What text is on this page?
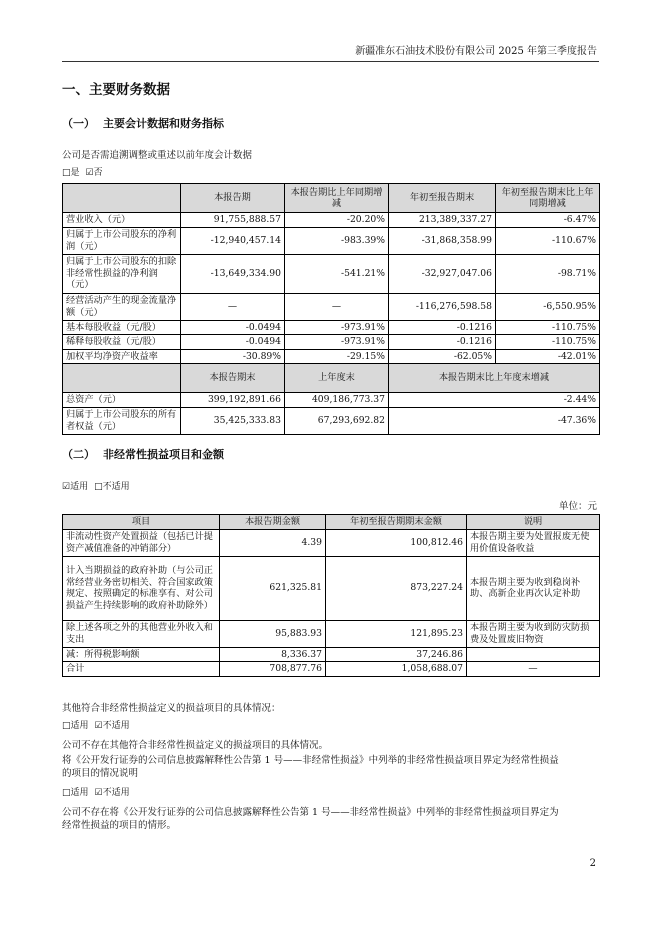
新疆准东石油技术股份有限公司 2025 年第三季度报告
一、主要财务数据
（一） 主要会计数据和财务指标
公司是否需追溯调整或重述以前年度会计数据
□是 ☑否
	本报告期	本报告期比上年同期增减	年初至报告期末	年初至报告期末比上年同期增减
营业收入（元）	91,755,888.57	-20.20%	213,389,337.27	-6.47%
归属于上市公司股东的净利润（元）	-12,940,457.14	-983.39%	-31,868,358.99	-110.67%
归属于上市公司股东的扣除非经常性损益的净利润（元）	-13,649,334.90	-541.21%	-32,927,047.06	-98.71%
经营活动产生的现金流量净额（元）	—	—	-116,276,598.58	-6,550.95%
基本每股收益（元/股）	-0.0494	-973.91%	-0.1216	-110.75%
稀释每股收益（元/股）	-0.0494	-973.91%	-0.1216	-110.75%
加权平均净资产收益率	-30.89%	-29.15%	-62.05%	-42.01%
	本报告期末	上年度末	本报告期末比上年度末增减	
总资产（元）	399,192,891.66	409,186,773.37	-2.44%	
归属于上市公司股东的所有者权益（元）	35,425,333.83	67,293,692.82	-47.36%	
（二） 非经常性损益项目和金额
☑适用 □不适用
单位：元
项目	本报告期金额	年初至报告期期末金额	说明
非流动性资产处置损益（包括已计提资产减值准备的冲销部分）	4.39	100,812.46	本报告期主要为处置报废无使用价值设备收益
计入当期损益的政府补助（与公司正常经营业务密切相关、符合国家政策规定、按照确定的标准享有、对公司损益产生持续影响的政府补助除外）	621,325.81	873,227.24	本报告期主要为收到稳岗补助、高新企业再次认定补助
除上述各项之外的其他营业外收入和支出	95,883.93	121,895.23	本报告期主要为收到防灾防损费及处置废旧物资
减：所得税影响额	8,336.37	37,246.86	
合计	708,877.76	1,058,688.07	—
其他符合非经常性损益定义的损益项目的具体情况：
□适用 ☑不适用
公司不存在其他符合非经常性损益定义的损益项目的具体情况。
将《公开发行证券的公司信息披露解释性公告第 1 号——非经常性损益》中列举的非经常性损益项目界定为经常性损益
的项目的情况说明
□适用 ☑不适用
公司不存在将《公开发行证券的公司信息披露解释性公告第 1 号——非经常性损益》中列举的非经常性损益项目界定为
经常性损益的项目的情形。
2
